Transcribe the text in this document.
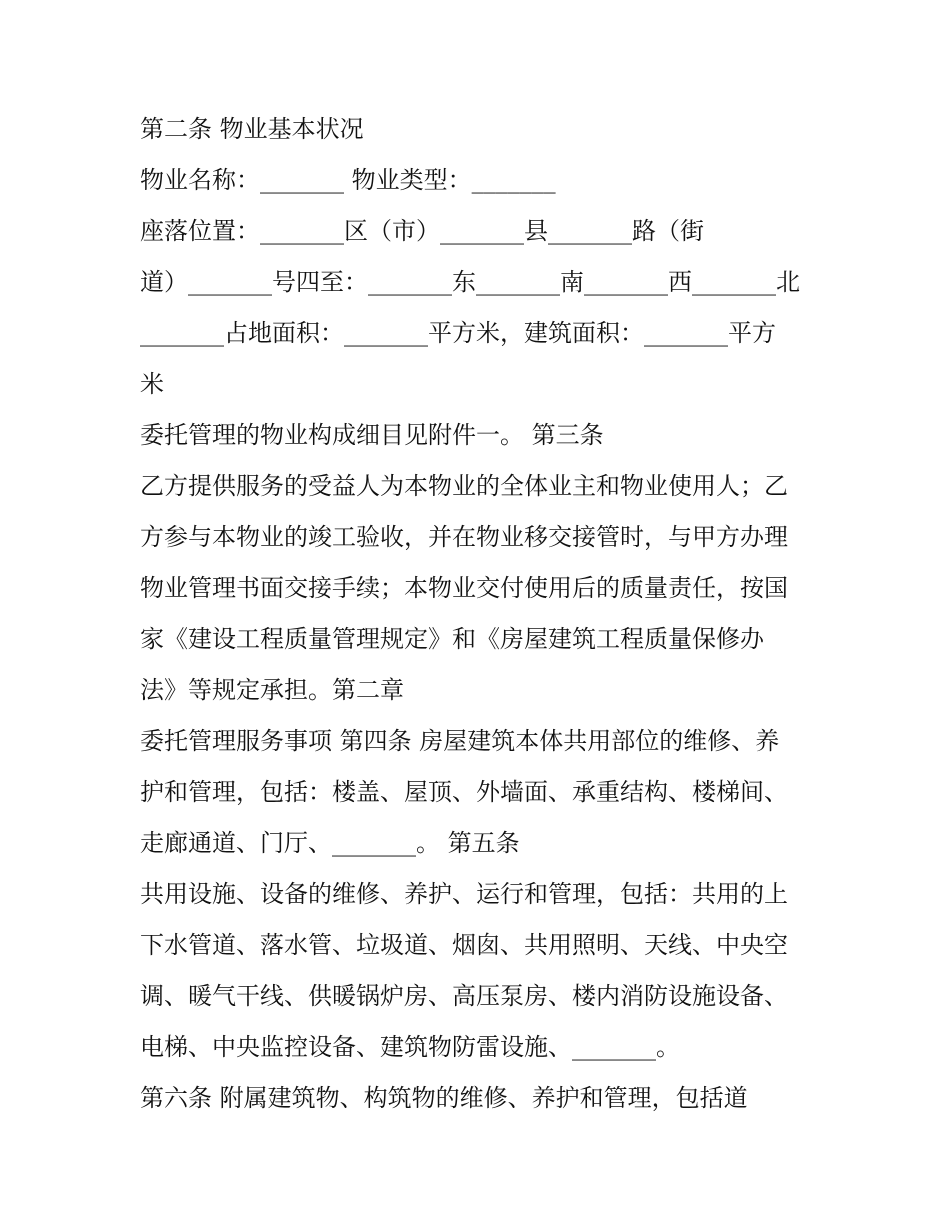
第二条 物业基本状况
物业名称：_______ 物业类型：_______
座落位置：_______区（市）_______县_______路（街
道）_______号四至：_______东_______南_______西_______北
_______占地面积：_______平方米，建筑面积：_______平方
米
委托管理的物业构成细目见附件一。 第三条
乙方提供服务的受益人为本物业的全体业主和物业使用人；乙
方参与本物业的竣工验收，并在物业移交接管时，与甲方办理
物业管理书面交接手续；本物业交付使用后的质量责任，按国
家《建设工程质量管理规定》和《房屋建筑工程质量保修办
法》等规定承担。第二章
委托管理服务事项 第四条 房屋建筑本体共用部位的维修、养
护和管理，包括：楼盖、屋顶、外墙面、承重结构、楼梯间、
走廊通道、门厅、_______。 第五条
共用设施、设备的维修、养护、运行和管理，包括：共用的上
下水管道、落水管、垃圾道、烟囱、共用照明、天线、中央空
调、暖气干线、供暖锅炉房、高压泵房、楼内消防设施设备、
电梯、中央监控设备、建筑物防雷设施、_______。
第六条 附属建筑物、构筑物的维修、养护和管理，包括道
